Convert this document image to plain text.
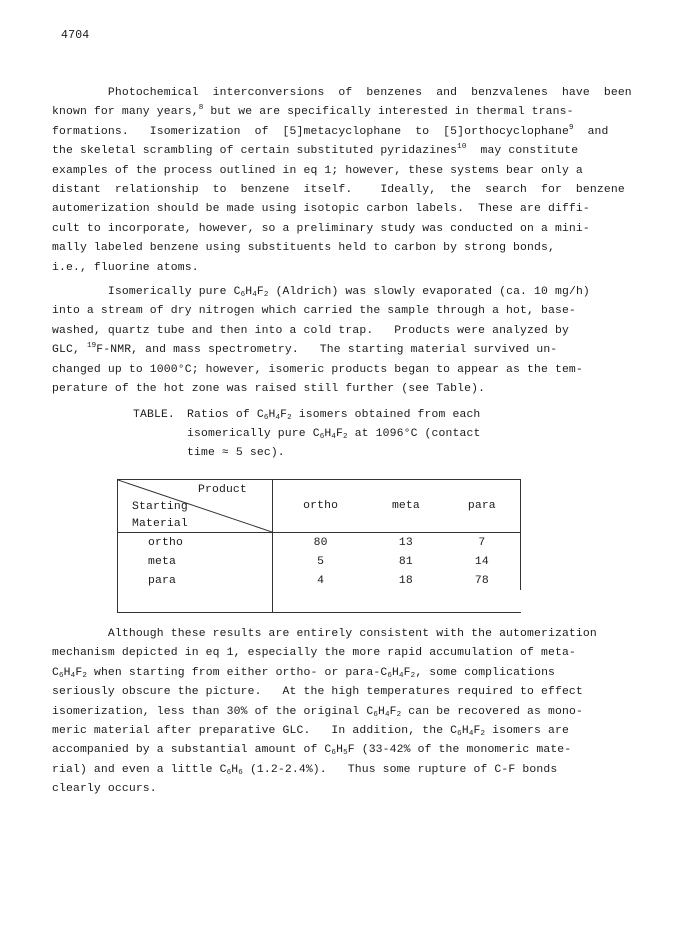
4704
Photochemical  interconversions  of  benzenes  and  benzvalenes  have  been
known for many years,$^8$ but we are specifically interested in thermal trans-
formations.   Isomerization  of  [5]metacyclophane  to  [5]orthocyclophane$^9$  and
the skeletal scrambling of certain substituted pyridazines$^{10}$  may constitute
examples of the process outlined in eq 1; however, these systems bear only a
distant  relationship  to  benzene  itself.    Ideally,  the  search  for  benzene
automerization should be made using isotopic carbon labels.  These are diffi-
cult to incorporate, however, so a preliminary study was conducted on a mini-
mally labeled benzene using substituents held to carbon by strong bonds,
i.e., fluorine atoms.
Isomerically pure $C_6H_4F_2$ (Aldrich) was slowly evaporated (ca. 10 mg/h)
into a stream of dry nitrogen which carried the sample through a hot, base-
washed, quartz tube and then into a cold trap.   Products were analyzed by
GLC, $^{19}$F-NMR, and mass spectrometry.   The starting material survived un-
changed up to 1000°C; however, isomeric products began to appear as the tem-
perature of the hot zone was raised still further (see Table).
TABLE. Ratios of $C_6H_4F_2$ isomers obtained from each
isomerically pure $C_6H_4F_2$ at 1096°C (contact
time ≈ 5 sec).
Product
Starting
Material	ortho	meta	para
ortho	80	13	7
meta	5	81	14
para	4	18	78

Although these results are entirely consistent with the automerization
mechanism depicted in eq 1, especially the more rapid accumulation of meta-
$C_6H_4F_2$ when starting from either ortho- or para-$C_6H_4F_2$, some complications
seriously obscure the picture.   At the high temperatures required to effect
isomerization, less than 30% of the original $C_6H_4F_2$ can be recovered as mono-
meric material after preparative GLC.   In addition, the $C_6H_4F_2$ isomers are
accompanied by a substantial amount of $C_6H_5F$ (33-42% of the monomeric mate-
rial) and even a little $C_6H_6$ (1.2-2.4%).   Thus some rupture of C-F bonds
clearly occurs.
